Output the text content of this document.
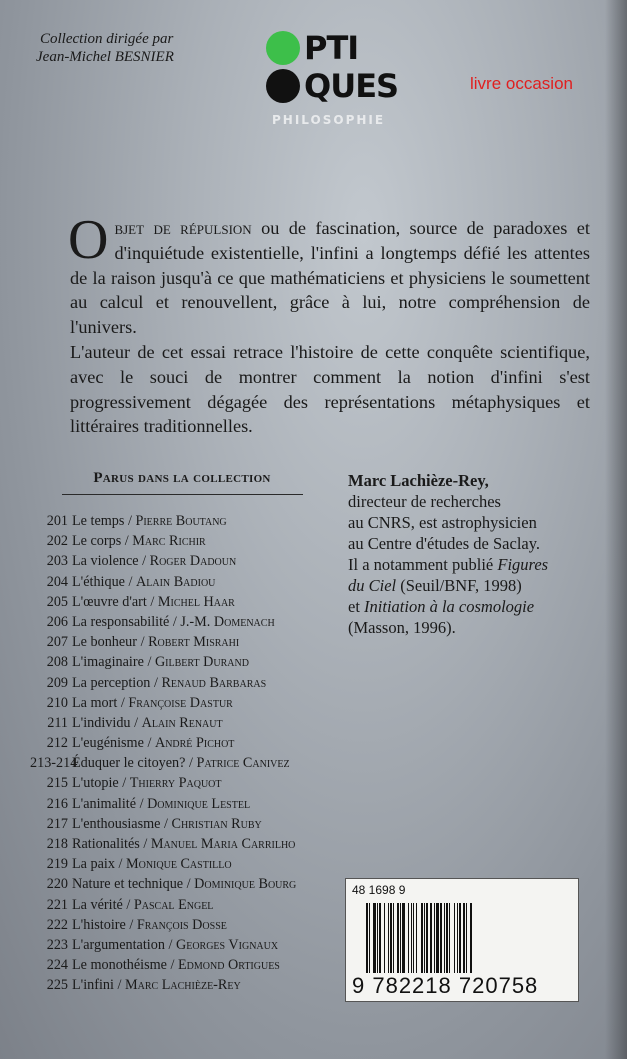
Collection dirigée par
Jean-Michel BESNIER	PTI
QUES
PHILOSOPHIE
livre occasion

Objet de répulsion ou de fascination, source de paradoxes et d'inquiétude existentielle, l'infini a longtemps défié les attentes de la raison jusqu'à ce que mathématiciens et physiciens le soumettent au calcul et renouvellent, grâce à lui, notre compréhension de l'univers.

L'auteur de cet essai retrace l'histoire de cette conquête scientifique, avec le souci de montrer comment la notion d'infini s'est progressivement dégagée des représentations métaphysiques et littéraires traditionnelles.

Parus dans la collection
201 Le temps / Pierre Boutang
202 Le corps / Marc Richir
203 La violence / Roger Dadoun
204 L'éthique / Alain Badiou
205 L'œuvre d'art / Michel Haar
206 La responsabilité / J.-M. Domenach
207 Le bonheur / Robert Misrahi
208 L'imaginaire / Gilbert Durand
209 La perception / Renaud Barbaras
210 La mort / Françoise Dastur
211 L'individu / Alain Renaut
212 L'eugénisme / André Pichot
213-214Éduquer le citoyen? / Patrice Canivez
215 L'utopie / Thierry Paquot
216 L'animalité / Dominique Lestel
217 L'enthousiasme / Christian Ruby
218 Rationalités / Manuel Maria Carrilho
219 La paix / Monique Castillo
220 Nature et technique / Dominique Bourg
221 La vérité / Pascal Engel
222 L'histoire / François Dosse
223 L'argumentation / Georges Vignaux
224 Le monothéisme / Edmond Ortigues
225 L'infini / Marc Lachièze-Rey
Marc Lachièze-Rey,
directeur de recherches
au CNRS, est astrophysicien
au Centre d'études de Saclay.
Il a notamment publié Figures
du Ciel (Seuil/BNF, 1998)
et Initiation à la cosmologie
(Masson, 1996).
48 1698 9
9 782218 720758
